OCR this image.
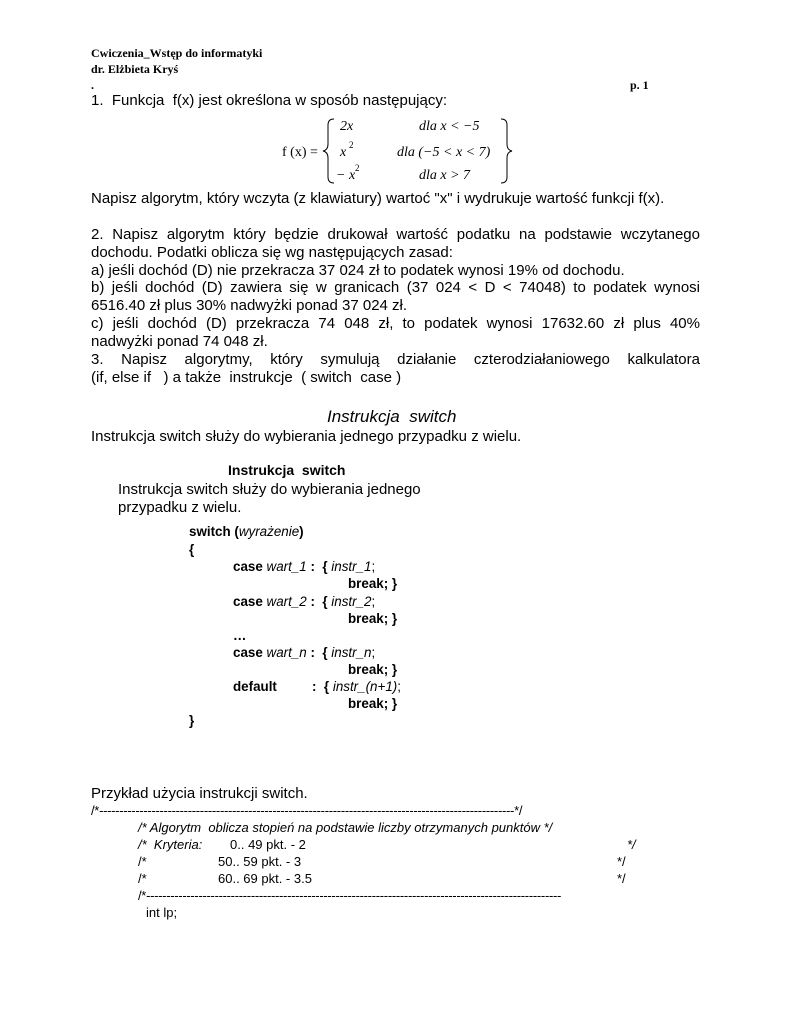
Cwiczenia_Wstęp do informatyki
dr. Elżbieta Kryś
.	p. 1
1.  Funkcja  f(x) jest określona w sposób następujący:
f (x) =
2x	dla x < −5
x 2	dla (−5 < x < 7)
− x 2	dla x > 7
Napisz algorytm, który wczyta (z klawiatury) wartoć "x" i wydrukuje wartość funkcji f(x).
2. Napisz algorytm który będzie drukował wartość podatku na podstawie wczytanego
dochodu. Podatki oblicza się wg następujących zasad:
a) jeśli dochód (D) nie przekracza 37 024 zł to podatek wynosi 19% od dochodu.
b) jeśli dochód (D) zawiera się w granicach (37 024 < D < 74048) to podatek wynosi
6516.40 zł plus 30% nadwyżki ponad 37 024 zł.
c) jeśli dochód (D) przekracza 74 048 zł, to podatek wynosi 17632.60 zł plus 40%
nadwyżki ponad 74 048 zł.
3. Napisz algorytmy, który symulują działanie czterodziałaniowego kalkulatora
(if, else if   ) a także  instrukcje  ( switch  case )
Instrukcja  switch
Instrukcja switch służy do wybierania jednego przypadku z wielu.
Instrukcja  switch
Instrukcja switch służy do wybierania jednego
przypadku z wielu.
switch (wyrażenie)
{
case wart_1 :  { instr_1;
break; }
case wart_2 :  { instr_2;
break; }
…
case wart_n :  { instr_n;
break; }
default	:  { instr_(n+1);
break; }
}
Przykład użycia instrukcji switch.
/*-------------------------------------------------------------------------------------------------------*/
/* Algorytm  oblicza stopień na podstawie liczby otrzymanych punktów */
/*  Kryteria: 0.. 49 pkt. - 2	*/
/*	50.. 59 pkt. - 3	*/
/*	60.. 69 pkt. - 3.5	*/
/*-------------------------------------------------------------------------------------------------------
int lp;
